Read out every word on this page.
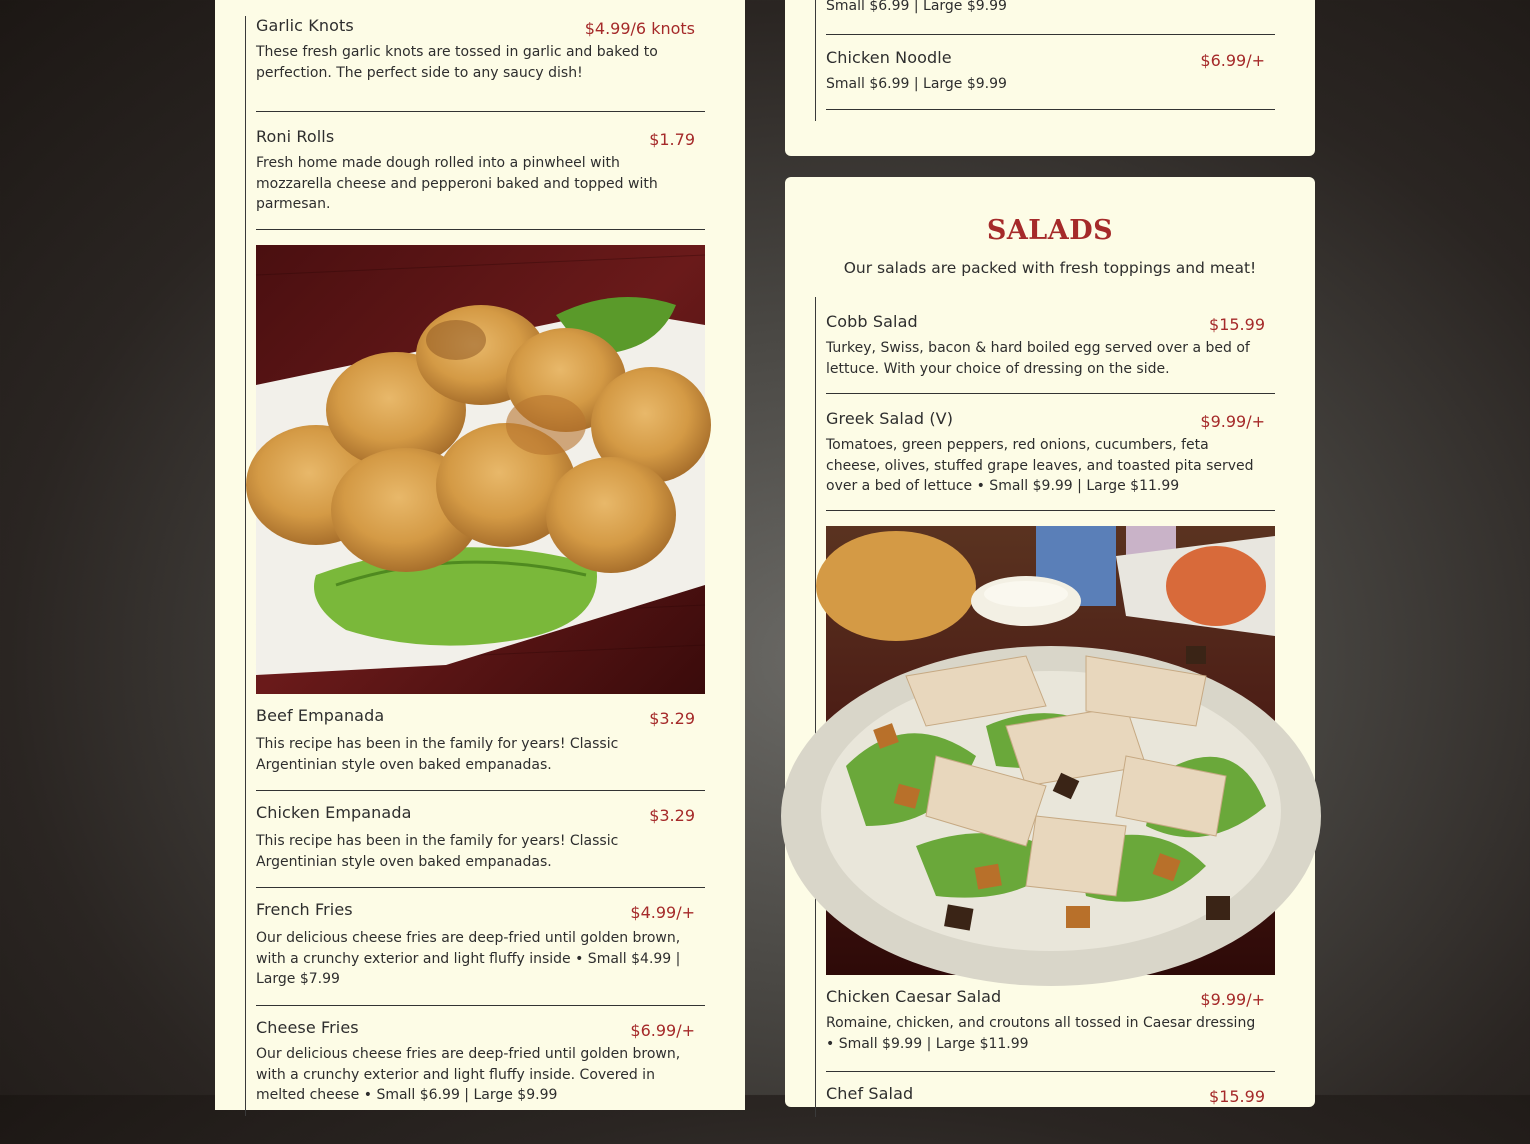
Garlic Knots	$4.99/6 knots
These fresh garlic knots are tossed in garlic and baked to perfection. The perfect side to any saucy dish!
Roni Rolls	$1.79
Fresh home made dough rolled into a pinwheel with mozzarella cheese and pepperoni baked and topped with parmesan.
Beef Empanada	$3.29
This recipe has been in the family for years! Classic Argentinian style oven baked empanadas.
Chicken Empanada	$3.29
This recipe has been in the family for years! Classic Argentinian style oven baked empanadas.
French Fries	$4.99/+
Our delicious cheese fries are deep-fried until golden brown, with a crunchy exterior and light fluffy inside • Small $4.99 | Large $7.99
Cheese Fries	$6.99/+
Our delicious cheese fries are deep-fried until golden brown, with a crunchy exterior and light fluffy inside. Covered in melted cheese • Small $6.99 | Large $9.99
Small $6.99 | Large $9.99
Chicken Noodle	$6.99/+
Small $6.99 | Large $9.99
SALADS
Our salads are packed with fresh toppings and meat!
Cobb Salad	$15.99
Turkey, Swiss, bacon & hard boiled egg served over a bed of lettuce. With your choice of dressing on the side.
Greek Salad (V)	$9.99/+
Tomatoes, green peppers, red onions, cucumbers, feta cheese, olives, stuffed grape leaves, and toasted pita served over a bed of lettuce • Small $9.99 | Large $11.99
Chicken Caesar Salad	$9.99/+
Romaine, chicken, and croutons all tossed in Caesar dressing • Small $9.99 | Large $11.99
Chef Salad	$15.99
